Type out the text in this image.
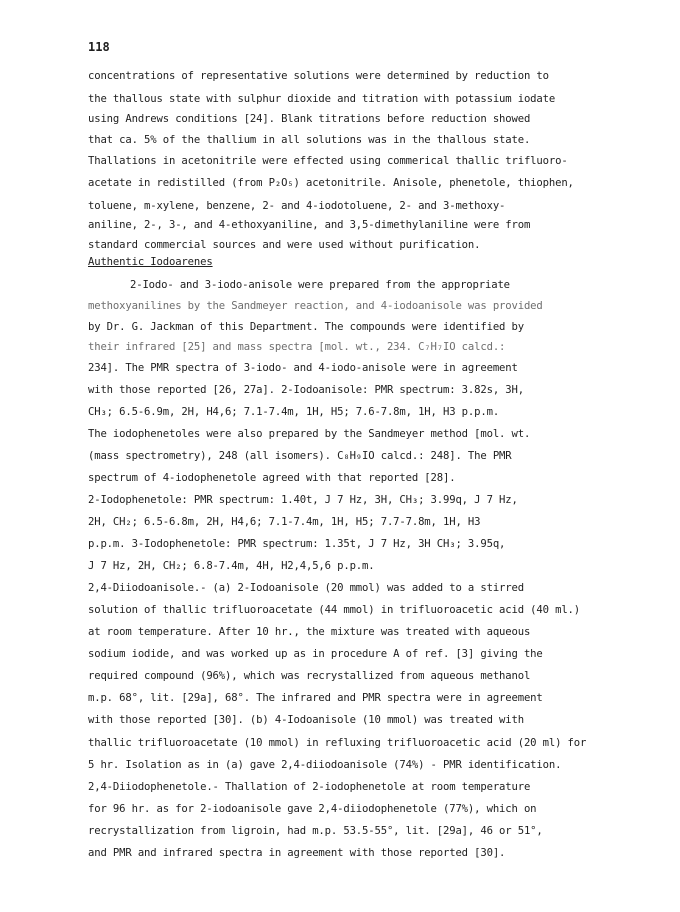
118
concentrations of representative solutions were determined by reduction to
the thallous state with sulphur dioxide and titration with potassium iodate
using Andrews conditions [24]. Blank titrations before reduction showed
that ca. 5% of the thallium in all solutions was in the thallous state.
Thallations in acetonitrile were effected using commerical thallic trifluoro-
acetate in redistilled (from P₂O₅) acetonitrile. Anisole, phenetole, thiophen,
toluene, m-xylene, benzene, 2- and 4-iodotoluene, 2- and 3-methoxy-
aniline, 2-, 3-, and 4-ethoxyaniline, and 3,5-dimethylaniline were from
standard commercial sources and were used without purification.
Authentic Iodoarenes
2-Iodo- and 3-iodo-anisole were prepared from the appropriate
methoxyanilines by the Sandmeyer reaction, and 4-iodoanisole was provided
by Dr. G. Jackman of this Department. The compounds were identified by
their infrared [25] and mass spectra [mol. wt., 234. C₇H₇IO calcd.:
234]. The PMR spectra of 3-iodo- and 4-iodo-anisole were in agreement
with those reported [26, 27a]. 2-Iodoanisole: PMR spectrum: 3.82s, 3H,
CH₃; 6.5-6.9m, 2H, H4,6; 7.1-7.4m, 1H, H5; 7.6-7.8m, 1H, H3 p.p.m.
The iodophenetoles were also prepared by the Sandmeyer method [mol. wt.
(mass spectrometry), 248 (all isomers). C₈H₉IO calcd.: 248]. The PMR
spectrum of 4-iodophenetole agreed with that reported [28].
2-Iodophenetole: PMR spectrum: 1.40t, J 7 Hz, 3H, CH₃; 3.99q, J 7 Hz,
2H, CH₂; 6.5-6.8m, 2H, H4,6; 7.1-7.4m, 1H, H5; 7.7-7.8m, 1H, H3
p.p.m. 3-Iodophenetole: PMR spectrum: 1.35t, J 7 Hz, 3H CH₃; 3.95q,
J 7 Hz, 2H, CH₂; 6.8-7.4m, 4H, H2,4,5,6 p.p.m.
2,4-Diiodoanisole.- (a) 2-Iodoanisole (20 mmol) was added to a stirred
solution of thallic trifluoroacetate (44 mmol) in trifluoroacetic acid (40 ml.)
at room temperature. After 10 hr., the mixture was treated with aqueous
sodium iodide, and was worked up as in procedure A of ref. [3] giving the
required compound (96%), which was recrystallized from aqueous methanol
m.p. 68°, lit. [29a], 68°. The infrared and PMR spectra were in agreement
with those reported [30]. (b) 4-Iodoanisole (10 mmol) was treated with
thallic trifluoroacetate (10 mmol) in refluxing trifluoroacetic acid (20 ml) for
5 hr. Isolation as in (a) gave 2,4-diiodoanisole (74%) - PMR identification.
2,4-Diiodophenetole.- Thallation of 2-iodophenetole at room temperature
for 96 hr. as for 2-iodoanisole gave 2,4-diiodophenetole (77%), which on
recrystallization from ligroin, had m.p. 53.5-55°, lit. [29a], 46 or 51°,
and PMR and infrared spectra in agreement with those reported [30].
